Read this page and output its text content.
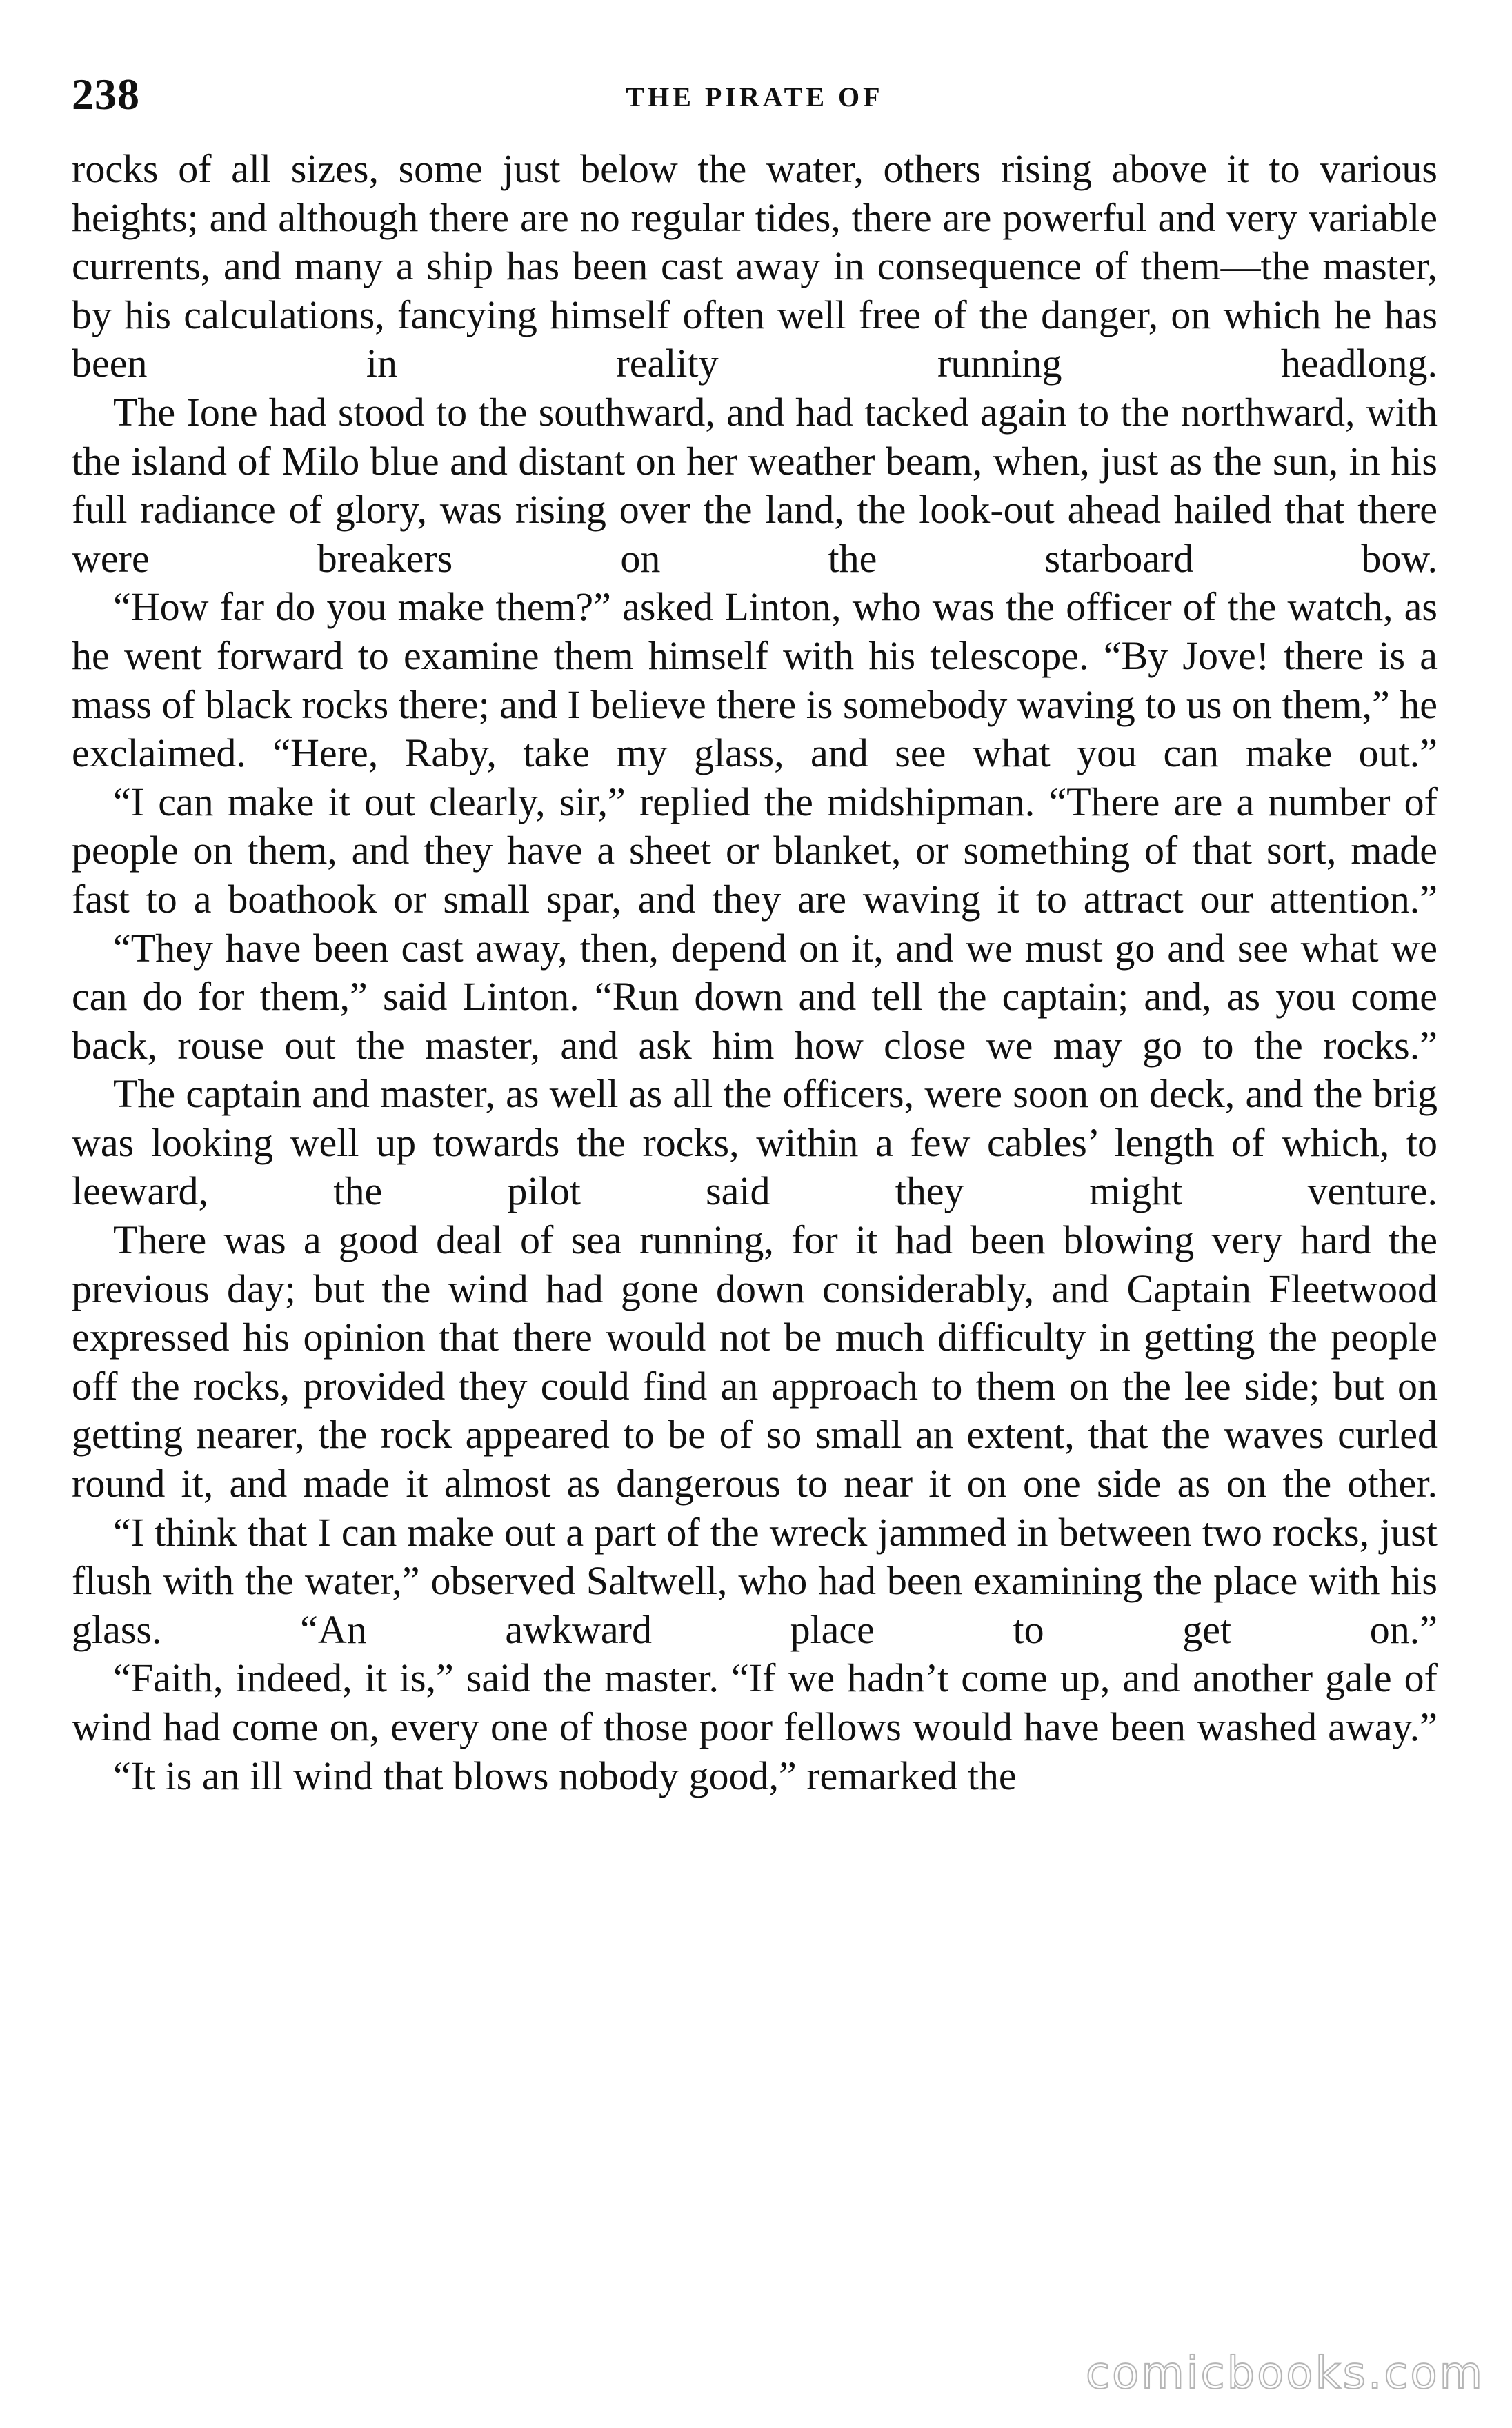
238	THE PIRATE OF

rocks of all sizes, some just below the water, others rising above it to various heights; and although there are no regular tides, there are powerful and very variable currents, and many a ship has been cast away in consequence of them—the master, by his calculations, fancying himself often well free of the danger, on which he has been in reality running headlong.

The Ione had stood to the southward, and had tacked again to the northward, with the island of Milo blue and distant on her weather beam, when, just as the sun, in his full radiance of glory, was rising over the land, the look-out ahead hailed that there were breakers on the starboard bow.

“How far do you make them?” asked Linton, who was the officer of the watch, as he went forward to examine them himself with his telescope. “By Jove! there is a mass of black rocks there; and I believe there is somebody waving to us on them,” he exclaimed. “Here, Raby, take my glass, and see what you can make out.”

“I can make it out clearly, sir,” replied the midshipman. “There are a number of people on them, and they have a sheet or blanket, or something of that sort, made fast to a boathook or small spar, and they are waving it to attract our attention.”

“They have been cast away, then, depend on it, and we must go and see what we can do for them,” said Linton. “Run down and tell the captain; and, as you come back, rouse out the master, and ask him how close we may go to the rocks.”

The captain and master, as well as all the officers, were soon on deck, and the brig was looking well up towards the rocks, within a few cables’ length of which, to leeward, the pilot said they might venture.

There was a good deal of sea running, for it had been blowing very hard the previous day; but the wind had gone down considerably, and Captain Fleetwood expressed his opinion that there would not be much difficulty in getting the people off the rocks, provided they could find an approach to them on the lee side; but on getting nearer, the rock appeared to be of so small an extent, that the waves curled round it, and made it almost as dangerous to near it on one side as on the other.

“I think that I can make out a part of the wreck jammed in between two rocks, just flush with the water,” observed Saltwell, who had been examining the place with his glass. “An awkward place to get on.”

“Faith, indeed, it is,” said the master. “If we hadn’t come up, and another gale of wind had come on, every one of those poor fellows would have been washed away.”

“It is an ill wind that blows nobody good,” remarked the

comicbooks.com
